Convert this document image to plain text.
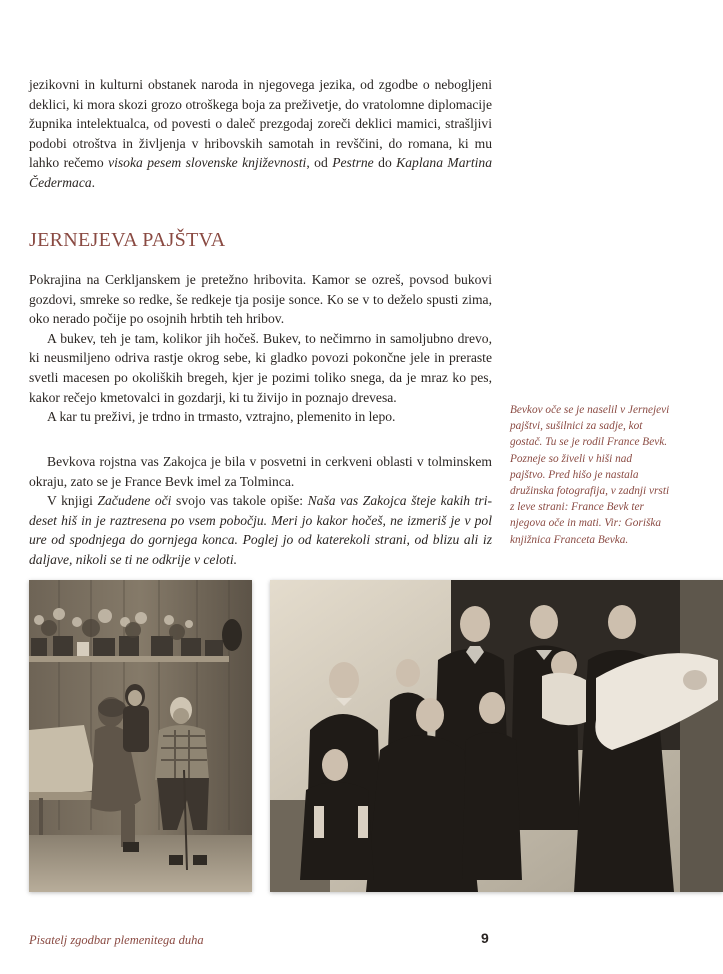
jezikovni in kulturni obstanek naroda in njegovega jezika, od zgodbe o nebogljeni deklici, ki mora skozi grozo otroškega boja za preživetje, do vratolomne diplomacije župnika intelektualca, od povesti o daleč prezgodaj zoreči deklici mamici, strašljivi podobi otroštva in življenja v hribovskih samotah in revščini, do romana, ki mu lahko rečemo visoka pesem slovenske književnosti, od Pestrne do Kaplana Martina Čedermaca.

JERNEJEVA PAJŠTVA

Pokrajina na Cerkljanskem je pretežno hribovita. Kamor se ozreš, povsod bukovi gozdovi, smreke so redke, še redkeje tja posije sonce. Ko se v to deželo spusti zima, oko nerado počije po osojnih hrbtih teh hribov.

A bukev, teh je tam, kolikor jih hočeš. Bukev, to nečimrno in samoljubno drevo, ki neusmiljeno odriva rastje okrog sebe, ki gladko povozi pokončne jele in preraste svetli macesen po okoliških bregeh, kjer je pozimi toliko snega, da je mraz ko pes, kakor rečejo kmetovalci in gozdarji, ki tu živijo in poznajo drevesa.

A kar tu preživi, je trdno in trmasto, vztrajno, plemenito in lepo.

Bevkova rojstna vas Zakojca je bila v posvetni in cerkveni oblasti v tolminskem okraju, zato se je France Bevk imel za Tolminca.

V knjigi Začudene oči svojo vas takole opiše: Naša vas Zakojca šteje kakih trideset hiš in je raztresena po vsem pobočju. Meri jo kakor hočeš, ne izmeriš je v pol ure od spodnjega do gornjega konca. Poglej jo od katerekoli strani, od blizu ali iz daljave, nikoli se ti ne odkrije v celoti.

Bevkov oče se je naselil v Jernejevi pajštvi, sušilnici za sadje, kot gostač. Tu se je rodil France Bevk. Pozneje so živeli v hiši nad pajštvo. Pred hišo je nastala družinska fotografija, v zadnji vrsti z leve strani: France Bevk ter njegova oče in mati. Vir: Goriška knjižnica Franceta Bevka.

Pisatelj zgodbar plemenitega duha	9
